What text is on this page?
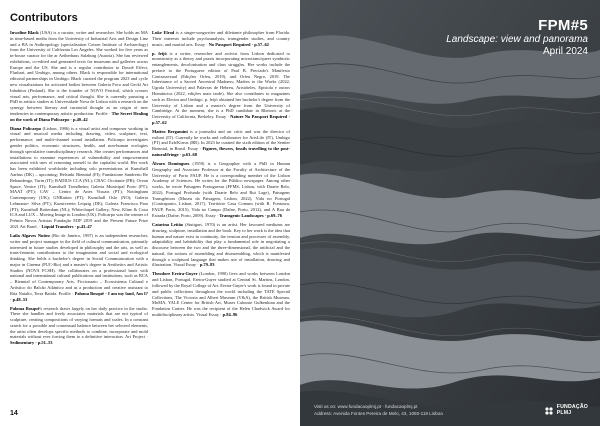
Contributors

Inwoline Black (USA) is a curator, writer and researcher. She holds an MA in time-based media from the University of Industrial Arts and Design Linz and a BA in Anthropology (specialisation Cotsen Institute of Archaeology) from the University of California Los Angeles. She worked for five years as in-house curator for the ar Aetherhaus Salzburg (Austria). She has reviewed exhibitions, co-edited and generated texts for museums and galleries across Europe and the US. She and is a regular contributor to Dossiê Effect, Flashart, and Umbigo, among others. Black is responsible for international editorial partnerships in Umbigo. Black curated the program 2023 and cycle new visualizations for activated bodies between Galeria Foco and Geckl Art Inhabitor (Finland). She is the founder of NOVO Festival, which crosses visual arts, performance, and critical thought. She is currently pursuing a PhD in artistic studies at Universidade Nova de Lisboa with a research on the synergy between literary and curatorial thought as an origin of new tendencies in contemporary artistic production. Profile · The Secret Healing on the work of Diana Policarpo · p.40–42

Diana Policarpo (Lisbon, 1986) is a visual artist and composer working in visual and musical media including drawing, video, sculpture, text, performance, and multi-channel sound installation. Policarpo investigates gender politics, economic structures, health, and non-human ecologies through speculative transdisciplinary research. She creates performances and installations to examine experiences of vulnerability and empowerment associated with uses of reasoning oneself to the capitalist world. Her work has been exhibited worldwide including solo presentations at Kunsthall Aarhus (DK) – upcoming; Helsinki Biennial (FI); Fundazione Sandretto Re Rebaudengo, Turin (IT); RADIUS CCA (NL); CRAC Occitanie (FR); Ocean Space, Venice (IT); Kunsthall Trondheim; Galeria Municipal Porto (PT); MAAT (PT); CAV – Centro de Artes Visuais (PT); Nottingham Contemporary (UK); GNRation (PT); Kunsthall Oslo (NO); Galeria Lehmann+ Silva (PT); Kunstverein Leipzig (DE); Galeria Francisco Fino (PT); Kunsthall Rotterdam (NL); Whitechapel Gallery, New, Kline & Coxa ICA and LUX – Moving Image in London (UK). Policarpo was the winner of Prémio Novos Artistas Fundação EDP 2019 and the Present Future Prize 2021 Art Basel. · Liquid Transfers · p.43–47

Laila Algaves Nuñez (Rio de Janeiro, 1997) is an independent researcher, writer and project manager in the field of cultural communication, primarily interested in future studies developed in philosophy and the arts, as well as trans-feminist contributions to the imagination and social and ecological thinking. She holds a bachelor's degree in Social Communication with a major in Cinema (PUC-Rio) and a master's degree in Aesthetics and Artistic Studies (NOVA FCSH). She collaborates on a professional basis with national and international cultural publications and institutions, such as BCA – Biennial of Contemporary Arts, Ficcionario – Ecossistema Cultural e Artístico do Balcão Atlántico and as a production and creative assistant to Rita Natalio, Terra Batida. Profile · Paloma Bosquê · I am my land, Am I? · p.48–53

Paloma Bosquê's research draws largely on her daily practice in the studio. There she handles and freely associates materials that are not typical of sculpture, creating compositions of varying formats and scales. In a constant search for a possible and consensual balance between her selected elements, the artist often develops specific methods to combine, incorporate and mold materials without ever forcing them to a definitive interaction. Art Project · Sedimentary · p.51–53

Luke Elrod is a singer-songwriter and dilettante philosopher from Florida. Their interests include psychoanalysis, transgender studies, and country music, and martial arts. Essay · No Passport Required · p.57–62

p. feijó is a writer, researcher and activist from Lisbon dedicated to monstrosity as a theory and praxis incorporating microtrans/queer symbiotic entanglements, decolonisation and class struggles. Her works include the preface to the Portuguese edition of Paul B. Preciado's Manifesto Contrassexual (Edições Orfeu, 2019), and Orfeu Negro, 2019. The Inheritance of a Sacred Ancestral Madness; Madres to the Works (2022, Ugrala University) and Palavras de Hebreu, Aristóteles, Epistola e outros Homúncios (2022, edições mais tarde). She also contributes to magazines such as Electra and Umbigo. p. feijó obtained her bachelor's degree from the University of Lisbon and a master's degree from the University of Cambridge. At the moment, she is a PhD candidate in Rhetoric at the University of California, Berkeley. Essay · Nature No Passport Required · p.57–62

Matteo Bergamini is a journalist and art critic and was the director of exibart (IT). Currently he works and collaborates for ArtsLife (IT), Umbigo (PT) and Ezh/Kirrus (BR). In 2023 he curated the sixth edition of the Sentier Biennial, in Brasil. Essay · Figures, flowers, fossils travelling to the post-natural/fringe · p.63–68

Álvaro Domingues (1959) is a Geographer with a PhD in Human Geography and Associate Professor at the Faculty of Architecture of the University of Porto FAUP. He is a corresponding member of the Lisbon Academy of Sciences. He writes for the Público newspaper. Among other works, he wrote Paisagens Portuguesas (FFMS, Lisbon, with Duarte Belo, 2022), Portugal Profundo (with Duarte Belo and Rui Lage), Paisagens Transgénicas (Museu da Paisagem, Lisbon, 2022), Vida no Portugal (Contraponto, Lisbon, 2017), Território Casa Comum (with R. Fontoura, FAUP, Porto, 2015), Vida no Campo (Dafne, Porto, 2012), and A Rua da Estrada (Dafne, Porto, 2009). Essay · Transgenic Landscapes · p.69–76

Catarina Leitão (Stuttgart, 1970) is an artist. Her favoured mediums are drawing, sculpture, installation and the book. Key to her work is the idea that human and nature exist in continuity, the tension and processes of assembly, adaptability and habitability that play a fundamental role in negotiating a discourse between the two and the three-dimensional, the artificial and the natural, the actions of assembling and disassembling, which is manifested through a sculptural language that makes use of installation, drawing and illustration. Visual Essay · p.79–83

Theodore Ereira-Guyer (London, 1990) lives and works between London and Lisbon, Portugal. Ereira-Guyer studied at Central St. Martins, London, followed by the Royal College of Art. Ereira-Guyer's work is found in private and public collections throughout the world including the TATE Special Collections, The Victoria and Albert Museum (V&A), the British Museum, MoMA, YALE Center for British Art, Muses Calouste Gulbenkian and the Fondation Cartier. He was the recipient of the Helen Chadwick Award for multidisciplinary artists. Visual Essay · p.84–96

14
FPM#5
Landscape: view and panorama
April 2024
Visit us on: www.fundacaoplmj.pt · fundacaoplmj.pt
Address: Avenida Fontes Pereira de Melo, 43, 1050-119 Lisboa
FUNDAÇÃO
PLMJ
